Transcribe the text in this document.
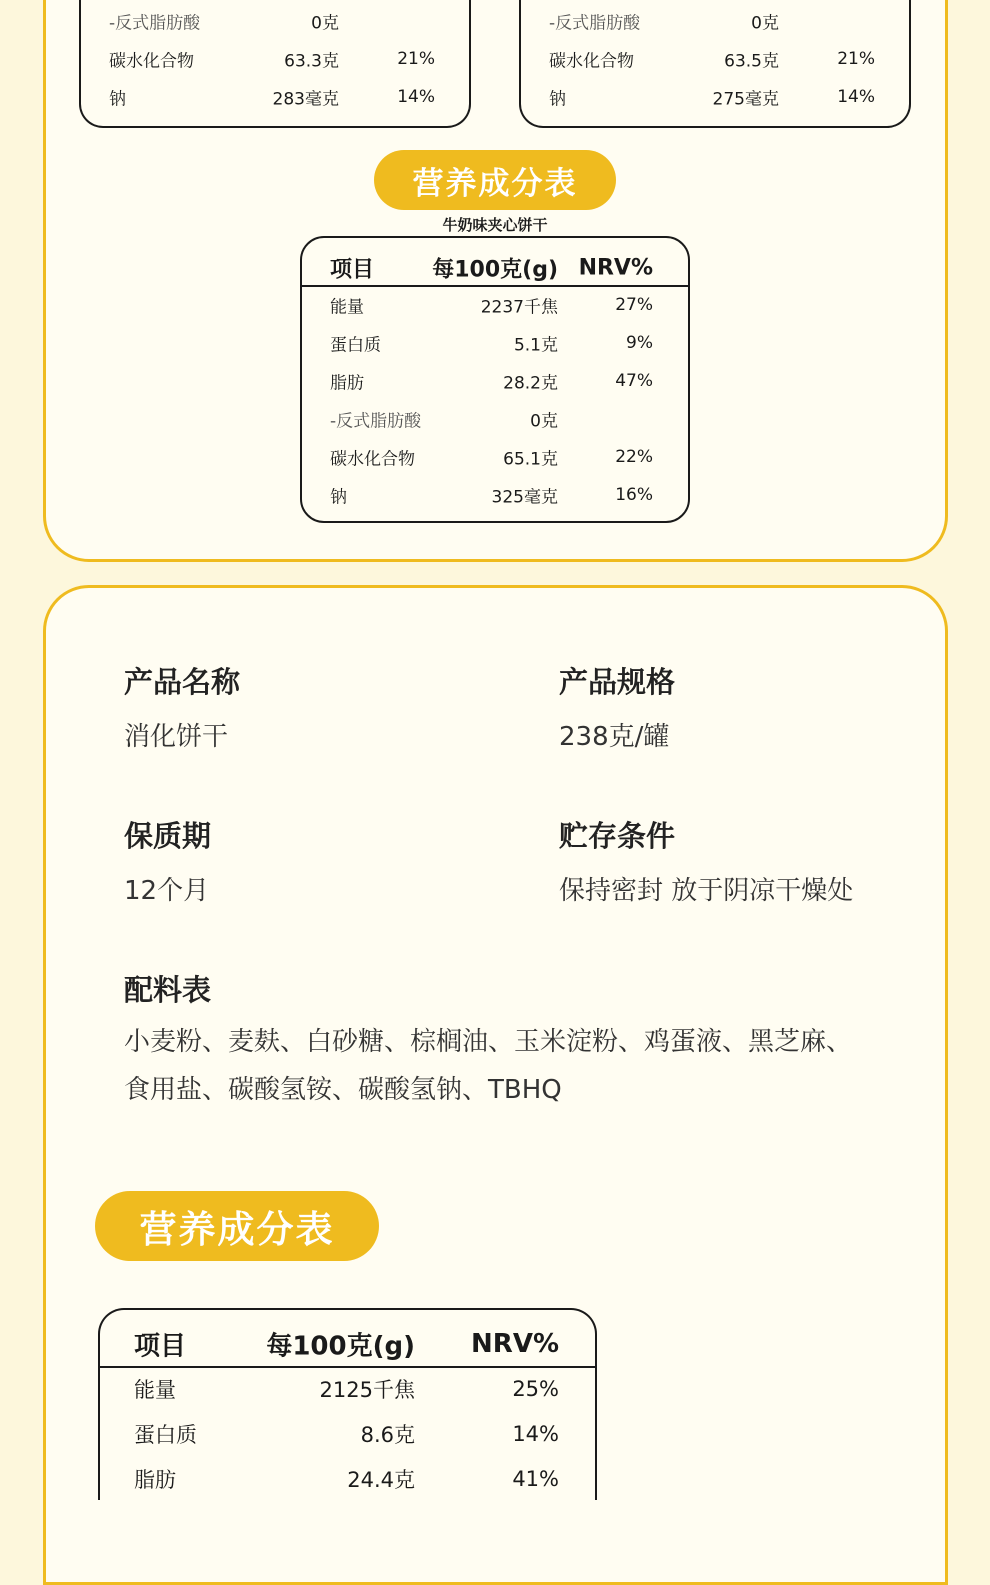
-反式脂肪酸	0克
碳水化合物	63.3克	21%
钠	283毫克	14%
-反式脂肪酸	0克
碳水化合物	63.5克	21%
钠	275毫克	14%
营养成分表
牛奶味夹心饼干
项目	每100克(g) NRV%
能量	2237千焦	27%
蛋白质	5.1克	9%
脂肪	28.2克	47%
-反式脂肪酸	0克
碳水化合物	65.1克	22%
钠	325毫克	16%
产品名称
消化饼干
产品规格
238克/罐
保质期
12个月
贮存条件
保持密封 放于阴凉干燥处
配料表
小麦粉、麦麸、白砂糖、棕榈油、玉米淀粉、鸡蛋液、黑芝麻、
食用盐、碳酸氢铵、碳酸氢钠、TBHQ
营养成分表
项目	每100克(g) NRV%
能量	2125千焦	25%
蛋白质	8.6克	14%
脂肪	24.4克	41%
